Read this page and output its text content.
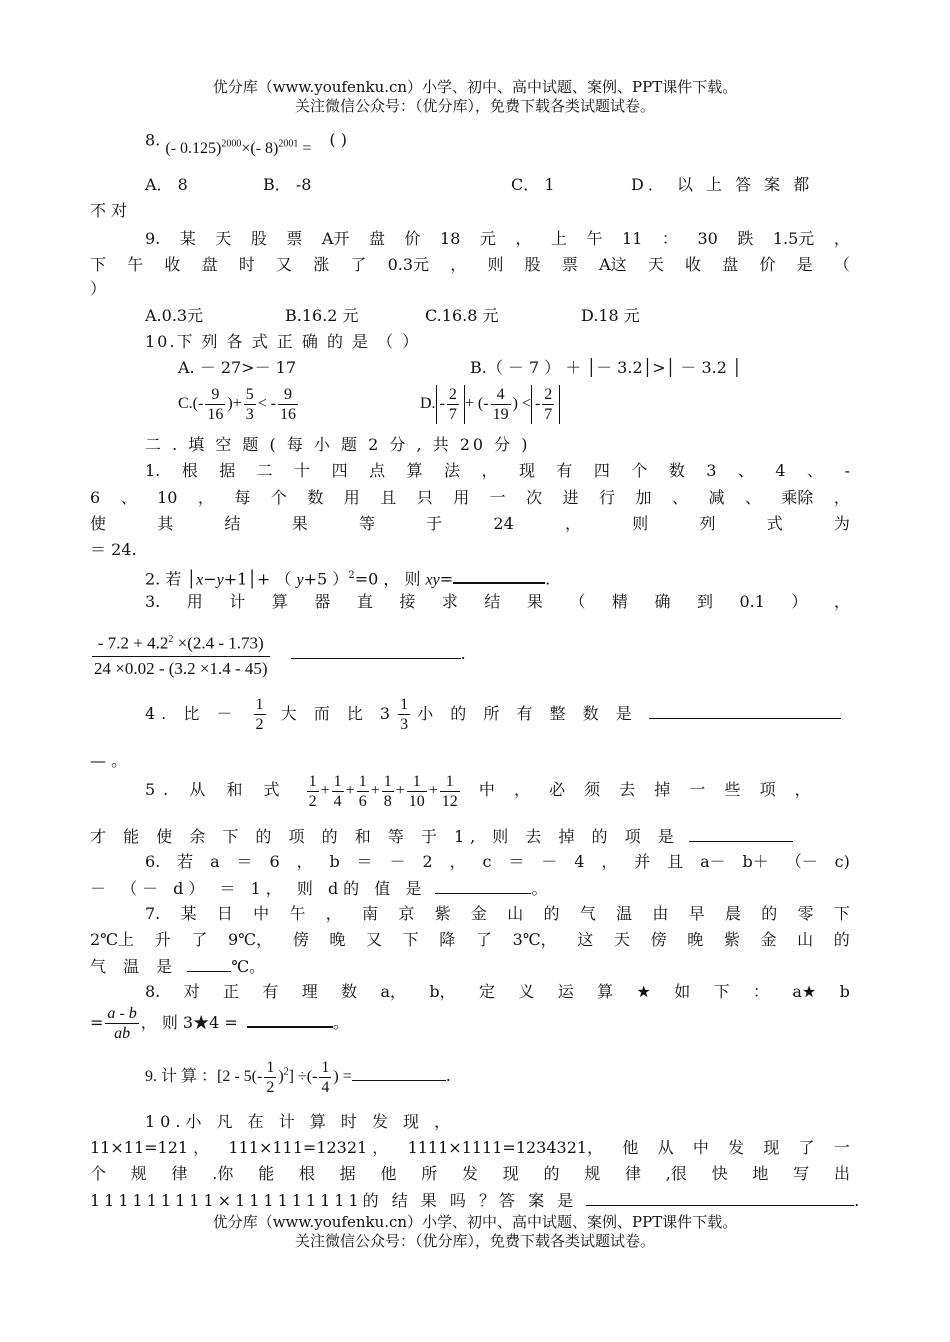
优分库（www.youfenku.cn）小学、初中、高中试题、案例、PPT课件下载。
关注微信公众号：（优分库），免费下载各类试题试卷。
8. (- 0.125)$^{2000}$×(- 8)$^{2001}$ = ( )
A． 8	B． -8	C． 1	D． 以 上 答 案 都
不 对
9. 某 天 股 票 A开 盘 价 18 元 ， 上 午 11 ： 30 跌 1.5元 ，
下 午 收 盘 时 又 涨 了 0.3元 ， 则 股 票 A这 天 收 盘 价 是 （
）
A.0.3元	B.16.2 元	C.16.8 元	D.18 元
10.下 列 各 式 正 确 的 是 （ ）
A. － 27>－ 17	B.（ － 7 ） ＋ │－ 3.2│>│ － 3.2 │
$C.(- \frac{9}{16}$ )+ $\frac{5}{3}$ < - $\frac{9}{16}$	D. - $\frac{2}{7}$ + (- $\frac{4}{19}$ ) < - $\frac{2}{7}$
二 . 填 空 题 ( 每 小 题 2 分 , 共 20 分 )
1. 根 据 二 十 四 点 算 法 ， 现 有 四 个 数 3 、 4 、 -
6 、 10 ， 每 个 数 用 且 只 用 一 次 进 行 加 、 减 、 乘除 ，
使	其	结	果	等	于	24	，	则	列	式	为
＝ 24.
2. 若 │x−y+1│+ （ y+5 ）$^2$=0 ， 则 xy=	.
3. 用 计 算 器 直 接 求 结 果 （ 精 确 到 0.1 ） ，
$\frac{- 7.2 + 4.2^2 \times(2.4 - 1.73)}{24 \times 0.02 - (3.2 \times 1.4 - 45)}$	.
4. 比 － $\frac{1}{2}$ 大 而 比 $3 \frac{1}{3}$ 小 的 所 有 整 数 是
— 。
5. 从 和 式 $\frac{1}{2} + \frac{1}{4} + \frac{1}{6} + \frac{1}{8} + \frac{1}{10} + \frac{1}{12}$ 中 ， 必 须 去 掉 一 些 项 ，
才 能 使 余 下 的 项 的 和 等 于 1, 则 去 掉 的 项 是
6. 若 a ＝ 6 ， b ＝ － 2 ， c ＝ － 4 ， 并 且 a－ b＋ （－ c)
－ （－ d） ＝ 1， 则 d的 值 是	。
7. 某 日 中 午 ， 南 京 紫 金 山 的 气 温 由 早 晨 的 零 下
2℃上 升 了 9℃， 傍 晚 又 下 降 了 3℃， 这 天 傍 晚 紫 金 山 的
气 温 是	℃。
8. 对 正 有 理 数 a， b， 定 义 运 算 ★ 如 下 ： a★ b
= $\frac{a - b}{ab}$ ， 则 3★4 =	。
9. 计 算 ：$[2 - 5(- \frac{1}{2} )^2]$ ÷(- $\frac{1}{4}$ ) =	.
10.小 凡 在 计 算 时 发 现 ，
11×11=121 ， 111×111=12321 ， 1111×1111=1234321， 他 从 中 发 现 了 一
个 规 律 .你 能 根 据 他 所 发 现 的 规 律 ,很 快 地 写 出
111111111×111111111的 结 果 吗 ？答 案 是	.
优分库（www.youfenku.cn）小学、初中、高中试题、案例、PPT课件下载。
关注微信公众号：（优分库），免费下载各类试题试卷。
